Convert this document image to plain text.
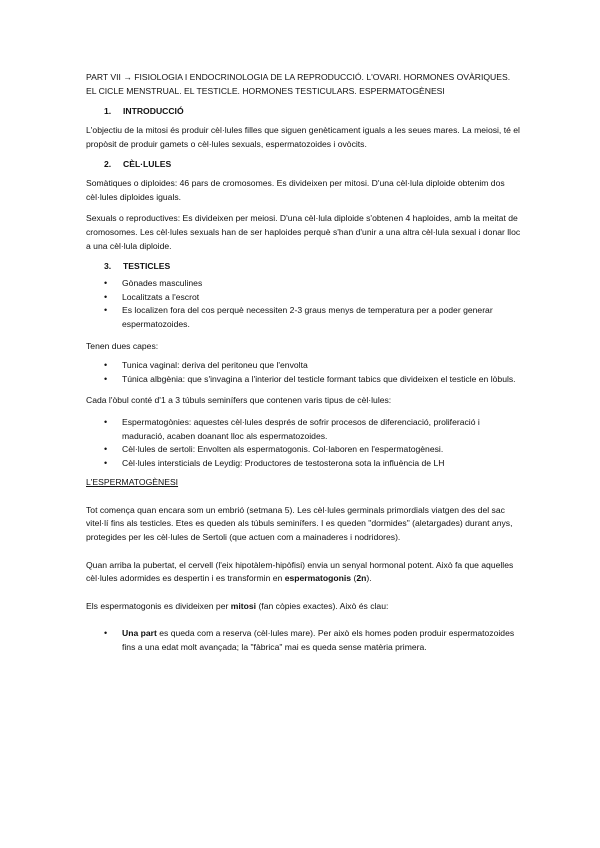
PART VII → FISIOLOGIA I ENDOCRINOLOGIA DE LA REPRODUCCIÓ. L'OVARI. HORMONES OVÀRIQUES. EL CICLE MENSTRUAL. EL TESTICLE. HORMONES TESTICULARS. ESPERMATOGÈNESI

1.	INTRODUCCIÓ

L'objectiu de la mitosi és produir cèl·lules filles que siguen genèticament iguals a les seues mares. La meiosi, té el propòsit de produir gamets o cèl·lules sexuals, espermatozoides i ovòcits.

2.	CÈL·LULES

Somàtiques o diploides: 46 pars de cromosomes. Es divideixen per mitosi. D'una cèl·lula diploide obtenim dos cèl·lules diploides iguals.

Sexuals o reproductives: Es divideixen per meiosi. D'una cèl·lula diploide s'obtenen 4 haploides, amb la meitat de cromosomes. Les cèl·lules sexuals han de ser haploides perquè s'han d'unir a una altra cèl·lula sexual i donar lloc a una cèl·lula diploide.

3.	TESTICLES
•
Gònades masculines
•
Localitzats a l'escrot
•
Es localizen fora del cos perquè necessiten 2-3 graus menys de temperatura per a poder generar espermatozoides.

Tenen dues capes:

•
Tunica vaginal: deriva del peritoneu que l'envolta
•
Túnica albgènia: que s'invagina a l'interior del testicle formant tabics que divideixen el testicle en lòbuls.

Cada l'òbul conté d'1 a 3 túbuls seminífers que contenen varis tipus de cèl·lules:

•
Espermatogònies: aquestes cèl·lules després de sofrir procesos de diferenciació, proliferació i maduració, acaben doanant lloc als espermatozoides.
•
Cèl·lules de sertoli: Envolten als espermatogonis. Col·laboren en l'espermatogènesi.
•
Cèl·lules intersticials de Leydig: Productores de testosterona sota la influència de LH

L'ESPERMATOGÈNESI

Tot comença quan encara som un embrió (setmana 5). Les cèl·lules germinals primordials viatgen des del sac vitel·lí fins als testicles. Etes es queden als túbuls seminífers. I es queden "dormides" (aletargades) durant anys, protegides per les cèl·lules de Sertoli (que actuen com a mainaderes i nodridores).

Quan arriba la pubertat, el cervell (l'eix hipotàlem-hipòfisi) envia un senyal hormonal potent. Això fa que aquelles cèl·lules adormides es despertin i es transformin en espermatogonis (2n).

Els espermatogonis es divideixen per mitosi (fan còpies exactes). Això és clau:

•
Una part es queda com a reserva (cèl·lules mare). Per això els homes poden produir espermatozoides fins a una edat molt avançada; la "fàbrica" mai es queda sense matèria primera.
